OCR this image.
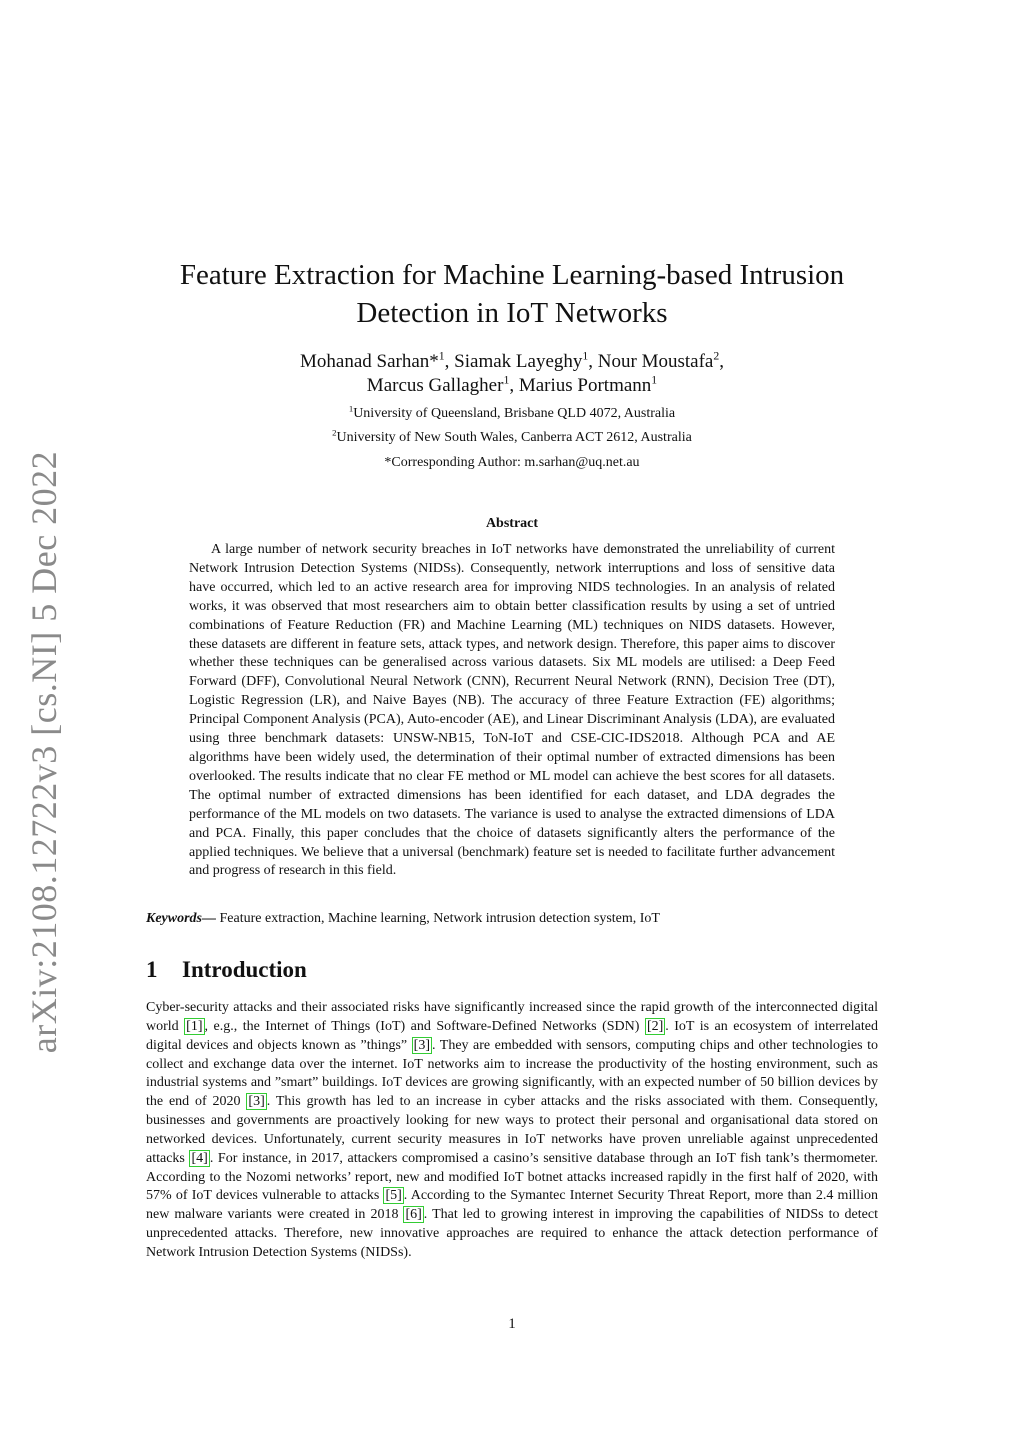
arXiv:2108.12722v3 [cs.NI] 5 Dec 2022
Feature Extraction for Machine Learning-based Intrusion
Detection in IoT Networks
Mohanad Sarhan*$^1$, Siamak Layeghy$^1$, Nour Moustafa$^2$,
Marcus Gallagher$^1$, Marius Portmann$^1$
$^1$University of Queensland, Brisbane QLD 4072, Australia
$^2$University of New South Wales, Canberra ACT 2612, Australia
*Corresponding Author: m.sarhan@uq.net.au
Abstract
A large number of network security breaches in IoT networks have demonstrated the unreliability of current Network Intrusion Detection Systems (NIDSs). Consequently, network interruptions and loss of sensitive data have occurred, which led to an active research area for improving NIDS technologies. In an analysis of related works, it was observed that most researchers aim to obtain better classification results by using a set of untried combinations of Feature Reduction (FR) and Machine Learning (ML) techniques on NIDS datasets. However, these datasets are different in feature sets, attack types, and network design. Therefore, this paper aims to discover whether these techniques can be generalised across various datasets. Six ML models are utilised: a Deep Feed Forward (DFF), Convolutional Neural Network (CNN), Recurrent Neural Network (RNN), Decision Tree (DT), Logistic Regression (LR), and Naive Bayes (NB). The accuracy of three Feature Extraction (FE) algorithms; Principal Component Analysis (PCA), Auto-encoder (AE), and Linear Discriminant Analysis (LDA), are evaluated using three benchmark datasets: UNSW-NB15, ToN-IoT and CSE-CIC-IDS2018. Although PCA and AE algorithms have been widely used, the determination of their optimal number of extracted dimensions has been overlooked. The results indicate that no clear FE method or ML model can achieve the best scores for all datasets. The optimal number of extracted dimensions has been identified for each dataset, and LDA degrades the performance of the ML models on two datasets. The variance is used to analyse the extracted dimensions of LDA and PCA. Finally, this paper concludes that the choice of datasets significantly alters the performance of the applied techniques. We believe that a universal (benchmark) feature set is needed to facilitate further advancement and progress of research in this field.
Keywords— Feature extraction, Machine learning, Network intrusion detection system, IoT
1 Introduction
Cyber-security attacks and their associated risks have significantly increased since the rapid growth of the interconnected digital world [1] , e.g., the Internet of Things (IoT) and Software-Defined Networks (SDN) [2] . IoT is an ecosystem of interrelated digital devices and objects known as ”things” [3] . They are embedded with sensors, computing chips and other technologies to collect and exchange data over the internet. IoT networks aim to increase the productivity of the hosting environment, such as industrial systems and ”smart” buildings. IoT devices are growing significantly, with an expected number of 50 billion devices by the end of 2020 [3] . This growth has led to an increase in cyber attacks and the risks associated with them. Consequently, businesses and governments are proactively looking for new ways to protect their personal and organisational data stored on networked devices. Unfortunately, current security measures in IoT networks have proven unreliable against unprecedented attacks [4] . For instance, in 2017, attackers compromised a casino’s sensitive database through an IoT fish tank’s thermometer. According to the Nozomi networks’ report, new and modified IoT botnet attacks increased rapidly in the first half of 2020, with 57% of IoT devices vulnerable to attacks [5] . According to the Symantec Internet Security Threat Report, more than 2.4 million new malware variants were created in 2018 [6] . That led to growing interest in improving the capabilities of NIDSs to detect unprecedented attacks. Therefore, new innovative approaches are required to enhance the attack detection performance of Network Intrusion Detection Systems (NIDSs).
1
